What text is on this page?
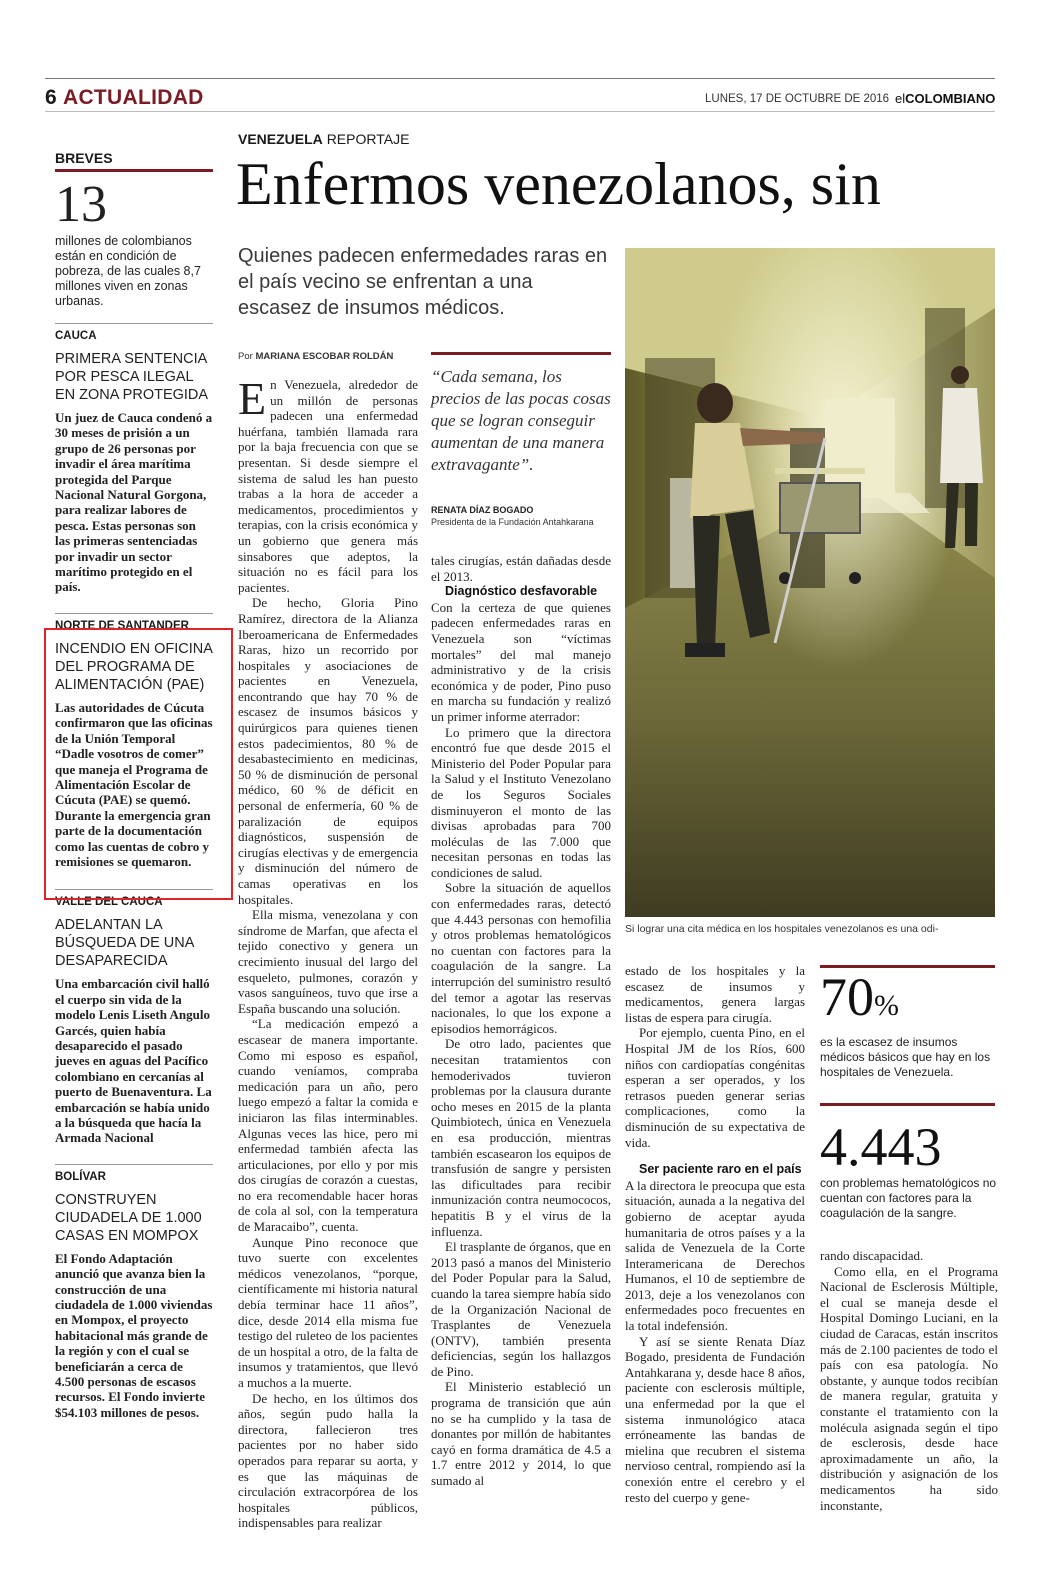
6 ACTUALIDAD	LUNES, 17 DE OCTUBRE DE 2016 elCOLOMBIANO
BREVES
13
millones de colombianos están en condición de pobreza, de las cuales 8,7 millones viven en zonas urbanas.
CAUCA
PRIMERA SENTENCIA POR PESCA ILEGAL EN ZONA PROTEGIDA
Un juez de Cauca condenó a 30 meses de prisión a un grupo de 26 personas por invadir el área marítima protegida del Parque Nacional Natural Gorgona, para realizar labores de pesca. Estas personas son las primeras sentenciadas por invadir un sector marítimo protegido en el país.
NORTE DE SANTANDER
INCENDIO EN OFICINA DEL PROGRAMA DE ALIMENTACIÓN (PAE)
Las autoridades de Cúcuta confirmaron que las oficinas de la Unión Temporal “Dadle vosotros de comer” que maneja el Programa de Alimentación Escolar de Cúcuta (PAE) se quemó. Durante la emergencia gran parte de la documentación como las cuentas de cobro y remisiones se quemaron.
VALLE DEL CAUCA
ADELANTAN LA BÚSQUEDA DE UNA DESAPARECIDA
Una embarcación civil halló el cuerpo sin vida de la modelo Lenis Liseth Angulo Garcés, quien había desaparecido el pasado jueves en aguas del Pacífico colombiano en cercanías al puerto de Buenaventura. La embarcación se había unido a la búsqueda que hacía la Armada Nacional
BOLÍVAR
CONSTRUYEN CIUDADELA DE 1.000 CASAS EN MOMPOX
El Fondo Adaptación anunció que avanza bien la construcción de una ciudadela de 1.000 viviendas en Mompox, el proyecto habitacional más grande de la región y con el cual se beneficiarán a cerca de 4.500 personas de escasos recursos. El Fondo invierte $54.103 millones de pesos.
VENEZUELA REPORTAJE
Enfermos venezolanos, sin
Quienes padecen enfermedades raras en el país vecino se enfrentan a una escasez de insumos médicos.
Por MARIANA ESCOBAR ROLDÁN

En Venezuela, alrededor de un millón de personas padecen una enfermedad huérfana, también llamada rara por la baja frecuencia con que se presentan. Si desde siempre el sistema de salud les han puesto trabas a la hora de acceder a medicamentos, procedimientos y terapias, con la crisis económica y un gobierno que genera más sinsabores que adeptos, la situación no es fácil para los pacientes.

De hecho, Gloria Pino Ramírez, directora de la Alianza Iberoamericana de Enfermedades Raras, hizo un recorrido por hospitales y asociaciones de pacientes en Venezuela, encontrando que hay 70 % de escasez de insumos básicos y quirúrgicos para quienes tienen estos padecimientos, 80 % de desabastecimiento en medicinas, 50 % de disminución de personal médico, 60 % de déficit en personal de enfermería, 60 % de paralización de equipos diagnósticos, suspensión de cirugías electivas y de emergencia y disminución del número de camas operativas en los hospitales.

Ella misma, venezolana y con síndrome de Marfan, que afecta el tejido conectivo y genera un crecimiento inusual del largo del esqueleto, pulmones, corazón y vasos sanguíneos, tuvo que irse a España buscando una solución.

“La medicación empezó a escasear de manera importante. Como mi esposo es español, cuando veníamos, compraba medicación para un año, pero luego empezó a faltar la comida e iniciaron las filas interminables. Algunas veces las hice, pero mi enfermedad también afecta las articulaciones, por ello y por mis dos cirugías de corazón a cuestas, no era recomendable hacer horas de cola al sol, con la temperatura de Maracaibo”, cuenta.

Aunque Pino reconoce que tuvo suerte con excelentes médicos venezolanos, “porque, científicamente mi historia natural debía terminar hace 11 años”, dice, desde 2014 ella misma fue testigo del ruleteo de los pacientes de un hospital a otro, de la falta de insumos y tratamientos, que llevó a muchos a la muerte.

De hecho, en los últimos dos años, según pudo halla la directora, fallecieron tres pacientes por no haber sido operados para reparar su aorta, y es que las máquinas de circulación extracorpórea de los hospitales públicos, indispensables para realizar

“Cada semana, los precios de las pocas cosas que se logran conseguir aumentan de una manera extravagante”.
RENATA DÍAZ BOGADO
Presidenta de la Fundación Antahkarana

tales cirugías, están dañadas desde el 2013.

Diagnóstico desfavorable

Con la certeza de que quienes padecen enfermedades raras en Venezuela son “víctimas mortales” del mal manejo administrativo y de la crisis económica y de poder, Pino puso en marcha su fundación y realizó un primer informe aterrador:

Lo primero que la directora encontró fue que desde 2015 el Ministerio del Poder Popular para la Salud y el Instituto Venezolano de los Seguros Sociales disminuyeron el monto de las divisas aprobadas para 700 moléculas de las 7.000 que necesitan personas en todas las condiciones de salud.

Sobre la situación de aquellos con enfermedades raras, detectó que 4.443 personas con hemofilia y otros problemas hematológicos no cuentan con factores para la coagulación de la sangre. La interrupción del suministro resultó del temor a agotar las reservas nacionales, lo que los expone a episodios hemorrágicos.

De otro lado, pacientes que necesitan tratamientos con hemoderivados tuvieron problemas por la clausura durante ocho meses en 2015 de la planta Quimbiotech, única en Venezuela en esa producción, mientras también escasearon los equipos de transfusión de sangre y persisten las dificultades para recibir inmunización contra neumococos, hepatitis B y el virus de la influenza.

El trasplante de órganos, que en 2013 pasó a manos del Ministerio del Poder Popular para la Salud, cuando la tarea siempre había sido de la Organización Nacional de Trasplantes de Venezuela (ONTV), también presenta deficiencias, según los hallazgos de Pino.

El Ministerio estableció un programa de transición que aún no se ha cumplido y la tasa de donantes por millón de habitantes cayó en forma dramática de 4.5 a 1.7 entre 2012 y 2014, lo que sumado al

Si lograr una cita médica en los hospitales venezolanos es una odi-

estado de los hospitales y la escasez de insumos y medicamentos, genera largas listas de espera para cirugía.

Por ejemplo, cuenta Pino, en el Hospital JM de los Ríos, 600 niños con cardiopatías congénitas esperan a ser operados, y los retrasos pueden generar serias complicaciones, como la disminución de su expectativa de vida.

Ser paciente raro en el país

A la directora le preocupa que esta situación, aunada a la negativa del gobierno de aceptar ayuda humanitaria de otros países y a la salida de Venezuela de la Corte Interamericana de Derechos Humanos, el 10 de septiembre de 2013, deje a los venezolanos con enfermedades poco frecuentes en la total indefensión.

Y así se siente Renata Díaz Bogado, presidenta de Fundación Antahkarana y, desde hace 8 años, paciente con esclerosis múltiple, una enfermedad por la que el sistema inmunológico ataca erróneamente las bandas de mielina que recubren el sistema nervioso central, rompiendo así la conexión entre el cerebro y el resto del cuerpo y gene-

70%
es la escasez de insumos médicos básicos que hay en los hospitales de Venezuela.
4.443
con problemas hematológicos no cuentan con factores para la coagulación de la sangre.

rando discapacidad.

Como ella, en el Programa Nacional de Esclerosis Múltiple, el cual se maneja desde el Hospital Domingo Luciani, en la ciudad de Caracas, están inscritos más de 2.100 pacientes de todo el país con esa patología. No obstante, y aunque todos recibían de manera regular, gratuita y constante el tratamiento con la molécula asignada según el tipo de esclerosis, desde hace aproximadamente un año, la distribución y asignación de los medicamentos ha sido inconstante,
